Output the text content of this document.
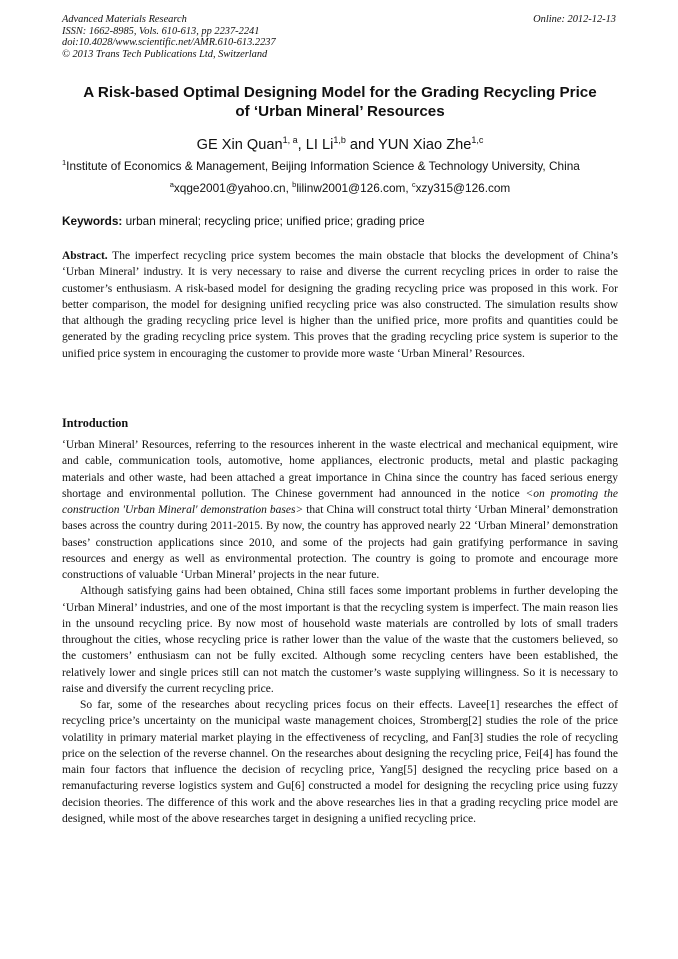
Advanced Materials Research
ISSN: 1662-8985, Vols. 610-613, pp 2237-2241
doi:10.4028/www.scientific.net/AMR.610-613.2237
© 2013 Trans Tech Publications Ltd, Switzerland
Online: 2012-12-13
A Risk-based Optimal Designing Model for the Grading Recycling Price
of ‘Urban Mineral’ Resources
GE Xin Quan$^{1, a}$, LI Li$^{1,b}$ and YUN Xiao Zhe$^{1,c}$
$^1$Institute of Economics & Management, Beijing Information Science & Technology University, China
$^a$xqge2001@yahoo.cn, $^b$lilinw2001@126.com, $^c$xzy315@126.com
Keywords: urban mineral; recycling price; unified price; grading price

Abstract. The imperfect recycling price system becomes the main obstacle that blocks the development of China’s ‘Urban Mineral’ industry. It is very necessary to raise and diverse the current recycling prices in order to raise the customer’s enthusiasm. A risk-based model for designing the grading recycling price was proposed in this work. For better comparison, the model for designing unified recycling price was also constructed. The simulation results show that although the grading recycling price level is higher than the unified price, more profits and quantities could be generated by the grading recycling price system. This proves that the grading recycling price system is superior to the unified price system in encouraging the customer to provide more waste ‘Urban Mineral’ Resources.

Introduction

‘Urban Mineral’ Resources, referring to the resources inherent in the waste electrical and mechanical equipment, wire and cable, communication tools, automotive, home appliances, electronic products, metal and plastic packaging materials and other waste, had been attached a great importance in China since the country has faced serious energy shortage and environmental pollution. The Chinese government had announced in the notice <on promoting the construction 'Urban Mineral' demonstration bases> that China will construct total thirty ‘Urban Mineral’ demonstration bases across the country during 2011-2015. By now, the country has approved nearly 22 ‘Urban Mineral’ demonstration bases’ construction applications since 2010, and some of the projects had gain gratifying performance in saving resources and energy as well as environmental protection. The country is going to promote and encourage more constructions of valuable ‘Urban Mineral’ projects in the near future.

Although satisfying gains had been obtained, China still faces some important problems in further developing the ‘Urban Mineral’ industries, and one of the most important is that the recycling system is imperfect. The main reason lies in the unsound recycling price. By now most of household waste materials are controlled by lots of small traders throughout the cities, whose recycling price is rather lower than the value of the waste that the customers believed, so the customers’ enthusiasm can not be fully excited. Although some recycling centers have been established, the relatively lower and single prices still can not match the customer’s waste supplying willingness. So it is necessary to raise and diversify the current recycling price.

So far, some of the researches about recycling prices focus on their effects. Lavee[1] researches the effect of recycling price’s uncertainty on the municipal waste management choices, Stromberg[2] studies the role of the price volatility in primary material market playing in the effectiveness of recycling, and Fan[3] studies the role of recycling price on the selection of the reverse channel. On the researches about designing the recycling price, Fei[4] has found the main four factors that influence the decision of recycling price, Yang[5] designed the recycling price based on a remanufacturing reverse logistics system and Gu[6] constructed a model for designing the recycling price using fuzzy decision theories. The difference of this work and the above researches lies in that a grading recycling price model are designed, while most of the above researches target in designing a unified recycling price.
